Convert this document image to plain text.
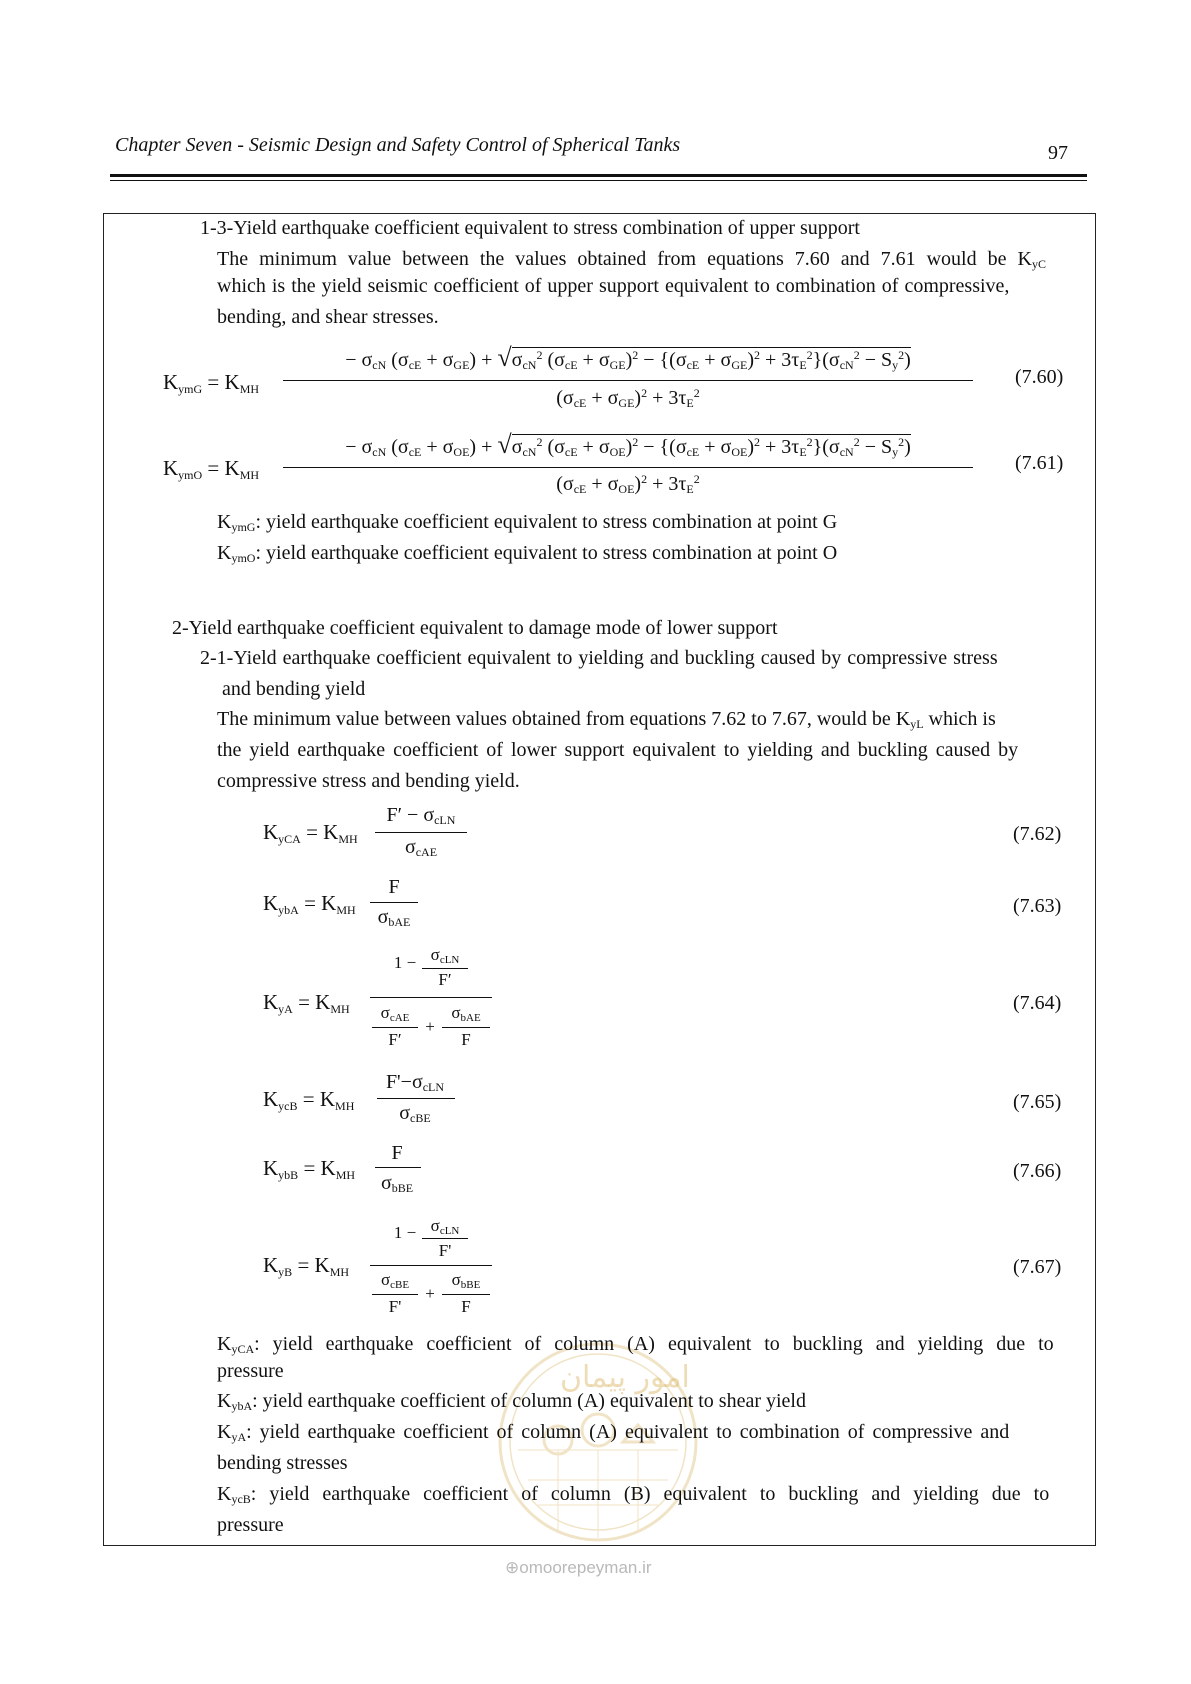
Chapter Seven - Seismic Design and Safety Control of Spherical Tanks	97
امور پیمان
⊕omoorepeyman.ir
1-3-Yield earthquake coefficient equivalent to stress combination of upper support
The minimum value between the values obtained from equations 7.60 and 7.61 would be $K_{yC}$
which is the yield seismic coefficient of upper support equivalent to combination of compressive,
bending, and shear stresses.
$K_{ymG} = K_{MH}$
− $\sigma_{cN}$ $(\sigma_{cE} + \sigma_{GE}) + √\sigma_{cN}^2$ $(\sigma_{cE} + \sigma_{GE})^2 - \{(\sigma_{cE} + \sigma_{GE})^2 + 3\tau_E^2\}(\sigma_{cN}^2 - S_y^2)$
$(\sigma_{cE} + \sigma_{GE})^2 + 3\tau_E^2$
(7.60)
$K_{ymO} = K_{MH}$
− $\sigma_{cN}$ $(\sigma_{cE} + \sigma_{OE}) + √\sigma_{cN}^2$ $(\sigma_{cE} + \sigma_{OE})^2 - \{(\sigma_{cE} + \sigma_{OE})^2 + 3\tau_E^2\}(\sigma_{cN}^2 - S_y^2)$
$(\sigma_{cE} + \sigma_{OE})^2 + 3\tau_E^2$
(7.61)
$K_{ymG}$: yield earthquake coefficient equivalent to stress combination at point G
$K_{ymO}$: yield earthquake coefficient equivalent to stress combination at point O
2-Yield earthquake coefficient equivalent to damage mode of lower support
2-1-Yield earthquake coefficient equivalent to yielding and buckling caused by compressive stress
and bending yield
The minimum value between values obtained from equations 7.62 to 7.67, would be $K_{yL}$ which is
the yield earthquake coefficient of lower support equivalent to yielding and buckling caused by
compressive stress and bending yield.
$K_{yCA} = K_{MH}$
$F' - \sigma_{cLN}$
$\sigma_{cAE}$
(7.62)
$K_{ybA} = K_{MH}$
F
$\sigma_{bAE}$
(7.63)
$K_{yA} = K_{MH}$
$1 - \sigma_{cLN}$
F′
$\sigma_{cAE}$
F′
+
$\sigma_{bAE}$
F
(7.64)
$K_{ycB} = K_{MH}$
$F'-\sigma_{cLN}$
$\sigma_{cBE}$
(7.65)
$K_{ybB} = K_{MH}$
F
$\sigma_{bBE}$
(7.66)
$K_{yB} = K_{MH}$
$1 - \sigma_{cLN}$
F'
$\sigma_{cBE}$
F'
+
$\sigma_{bBE}$
F
(7.67)
$K_{yCA}$: yield earthquake coefficient of column (A) equivalent to buckling and yielding due to
pressure
$K_{ybA}$: yield earthquake coefficient of column (A) equivalent to shear yield
$K_{yA}$: yield earthquake coefficient of column (A) equivalent to combination of compressive and
bending stresses
$K_{ycB}$: yield earthquake coefficient of column (B) equivalent to buckling and yielding due to
pressure
